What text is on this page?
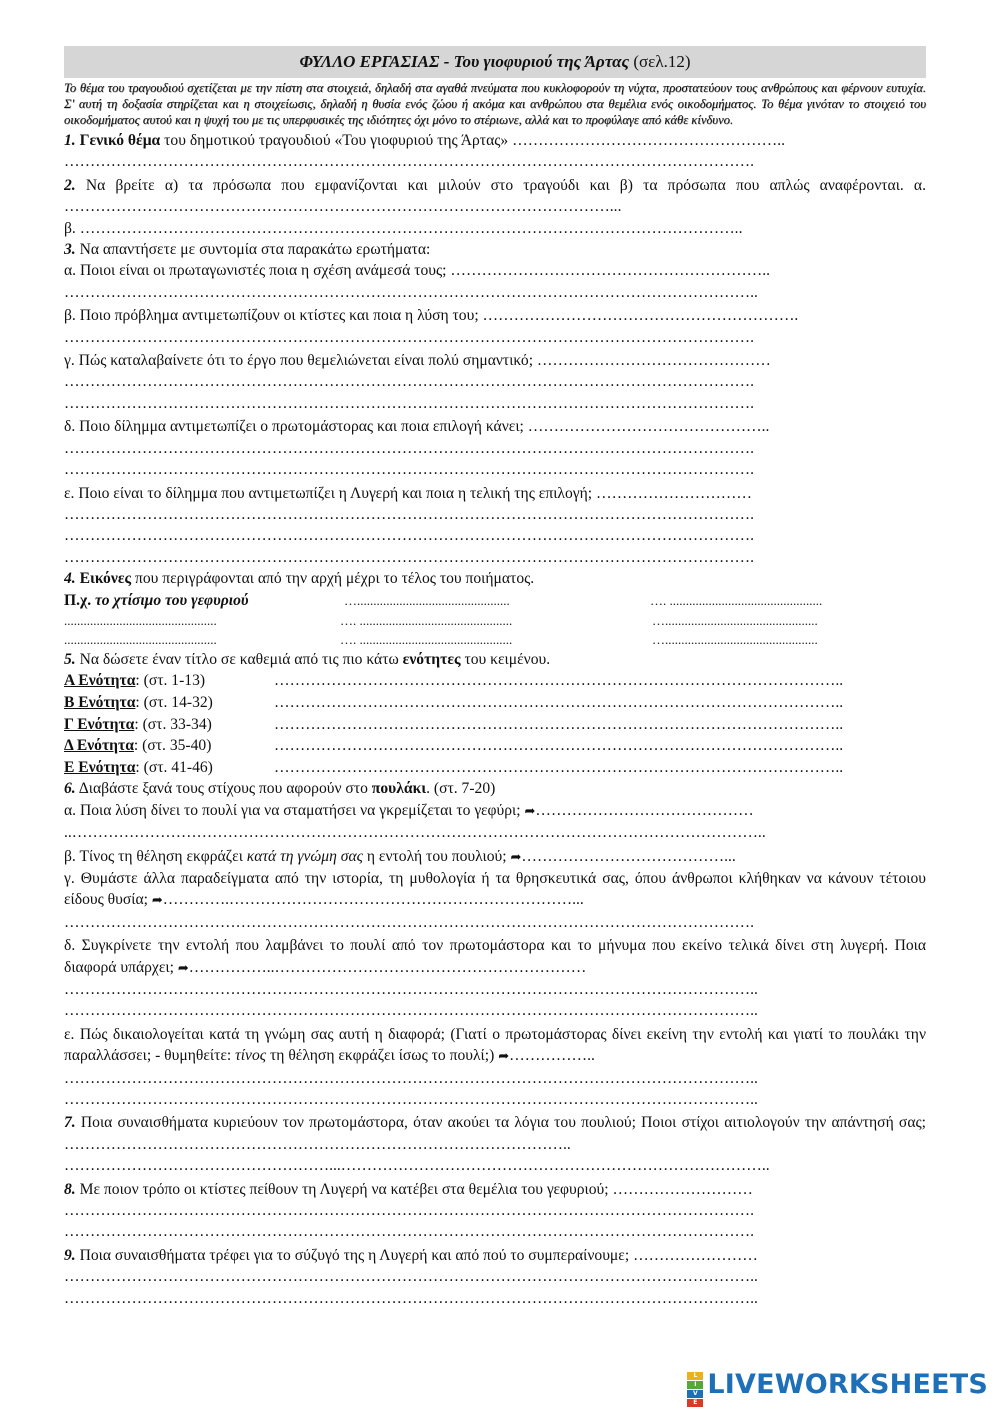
ΦΥΛΛΟ ΕΡΓΑΣΙΑΣ - Του γιοφυριού της Άρτας (σελ.12)
Το θέμα του τραγουδιού σχετίζεται με την πίστη στα στοιχειά, δηλαδή στα αγαθά πνεύματα που κυκλοφορούν τη νύχτα, προστατεύουν τους ανθρώπους και φέρνουν ευτυχία. Σ' αυτή τη δοξασία στηρίζεται και η στοιχείωσις, δηλαδή η θυσία ενός ζώου ή ακόμα και ανθρώπου στα θεμέλια ενός οικοδομήματος. Το θέμα γινόταν το στοιχειό του οικοδομήματος αυτού και η ψυχή του με τις υπερφυσικές της ιδιότητες όχι μόνο το στέριωνε, αλλά και το προφύλαγε από κάθε κίνδυνο.
1. Γενικό θέμα του δημοτικού τραγουδιού «Του γιοφυριού της Άρτας» ……………………………………………..
…………………………………………………………………………………………………………………….
2. Να βρείτε α) τα πρόσωπα που εμφανίζονται και μιλούν στο τραγούδι και β) τα πρόσωπα που απλώς αναφέρονται. α. ……………………………………………………………………………………………...
β. ………………………………………………………………………………………………………………..
3. Να απαντήσετε με συντομία στα παρακάτω ερωτήματα:
α. Ποιοι είναι οι πρωταγωνιστές ποια η σχέση ανάμεσά τους; ……………………………………………………..
……………………………………………………………………………………………………………………..
β. Ποιο πρόβλημα αντιμετωπίζουν οι κτίστες και ποια η λύση του; …………………………………………………….
…………………………………………………………………………………………………………………….
γ. Πώς καταλαβαίνετε ότι το έργο που θεμελιώνεται είναι πολύ σημαντικό; ………………………………………
…………………………………………………………………………………………………………………….
…………………………………………………………………………………………………………………….
δ. Ποιο δίλημμα αντιμετωπίζει ο πρωτομάστορας και ποια επιλογή κάνει; ………………………………………..
…………………………………………………………………………………………………………………….
…………………………………………………………………………………………………………………….
ε. Ποιο είναι το δίλημμα που αντιμετωπίζει η Λυγερή και ποια η τελική της επιλογή; …………………………
…………………………………………………………………………………………………………………….
…………………………………………………………………………………………………………………….
…………………………………………………………………………………………………………………….
4. Εικόνες που περιγράφονται από την αρχή μέχρι το τέλος του ποιήματος.
Π.χ. το χτίσιμο του γεφυριού	…...............................................	…. ...............................................
...............................................	…. ...............................................	…...............................................
...............................................	…. ...............................................	…...............................................
5. Να δώσετε έναν τίτλο σε καθεμιά από τις πιο κάτω ενότητες του κειμένου.
Α Ενότητα: (στ. 1-13)	………………………………………………………………………………………………..
Β Ενότητα: (στ. 14-32)	………………………………………………………………………………………………..
Γ Ενότητα: (στ. 33-34)	………………………………………………………………………………………………..
Δ Ενότητα: (στ. 35-40)	………………………………………………………………………………………………..
Ε Ενότητα: (στ. 41-46)	………………………………………………………………………………………………..
6. Διαβάστε ξανά τους στίχους που αφορούν στο πουλάκι. (στ. 7-20)
α. Ποια λύση δίνει το πουλί για να σταματήσει να γκρεμίζεται το γεφύρι; ➦……………………………………
..……………………………………………………………………………………………………………………..
β. Τίνος τη θέληση εκφράζει κατά τη γνώμη σας η εντολή του πουλιού; ➦…………………………………...
γ. Θυμάστε άλλα παραδείγματα από την ιστορία, τη μυθολογία ή τα θρησκευτικά σας, όπου άνθρωποι κλήθηκαν να κάνουν τέτοιου είδους θυσία; ➦………….…………………………………………………………...
…………………………………………………………………………………………………………………….
δ. Συγκρίνετε την εντολή που λαμβάνει το πουλί από τον πρωτομάστορα και το μήνυμα που εκείνο τελικά δίνει στη λυγερή. Ποια διαφορά υπάρχει; ➦……………..……………………………………………………
……………………………………………………………………………………………………………………..
……………………………………………………………………………………………………………………..
ε. Πώς δικαιολογείται κατά τη γνώμη σας αυτή η διαφορά; (Γιατί ο πρωτομάστορας δίνει εκείνη την εντολή και γιατί το πουλάκι την παραλλάσσει; - θυμηθείτε: τίνος τη θέληση εκφράζει ίσως το πουλί;) ➦……………..
……………………………………………………………………………………………………………………..
……………………………………………………………………………………………………………………..
7. Ποια συναισθήματα κυριεύουν τον πρωτομάστορα, όταν ακούει τα λόγια του πουλιού; Ποιοι στίχοι αιτιολογούν την απάντησή σας; ……………………………………………………………………………………..
……………………………………………...………………………………………………………………………..
8. Με ποιον τρόπο οι κτίστες πείθουν τη Λυγερή να κατέβει στα θεμέλια του γεφυριού; ………………………
…………………………………………………………………………………………………………………….
…………………………………………………………………………………………………………………….
9. Ποια συναισθήματα τρέφει για το σύζυγό της η Λυγερή και από πού το συμπεραίνουμε; ……………………
……………………………………………………………………………………………………………………..
……………………………………………………………………………………………………………………..
L
I
V
E
LIVEWORKSHEETS
